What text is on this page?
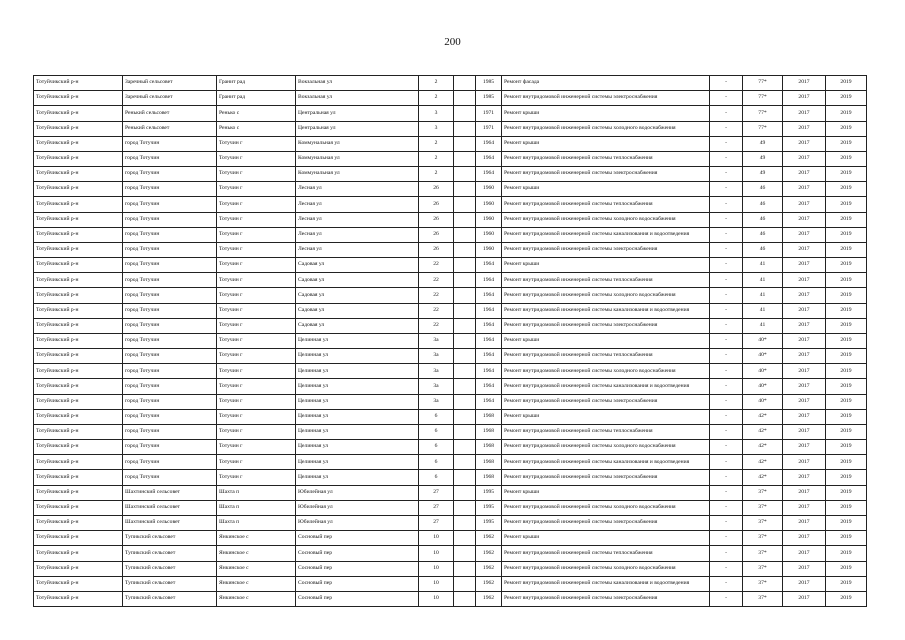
200
Тотуйчикский р-н	Заречный сельсовет	Гранит рад	Вокзальная ул	2		1985	Ремонт фасада	-	77*	2017	2019
Тотуйчикский р-н	Заречный сельсовет	Гранит рад	Вокзальная ул	2		1985	Ремонт внутридомовой инженерной системы электроснабжения	-	77*	2017	2019
Тотуйчикский р-н	Ренький сельсовет	Ренько с	Центральная ул	3		1971	Ремонт крыши	-	77*	2017	2019
Тотуйчикский р-н	Ренький сельсовет	Ренько с	Центральная ул	3		1971	Ремонт внутридомовой инженерной системы холодного водоснабжения	-	77*	2017	2019
Тотуйчикский р-н	город Тотучин	Тотучин г	Коммунальная ул	2		1964	Ремонт крыши	-	49	2017	2019
Тотуйчикский р-н	город Тотучин	Тотучин г	Коммунальная ул	2		1964	Ремонт внутридомовой инженерной системы теплоснабжения	-	49	2017	2019
Тотуйчикский р-н	город Тотучин	Тотучин г	Коммунальная ул	2		1964	Ремонт внутридомовой инженерной системы электроснабжения	-	49	2017	2019
Тотуйчикский р-н	город Тотучин	Тотучин г	Лесная ул	26		1960	Ремонт крыши	-	46	2017	2019
Тотуйчикский р-н	город Тотучин	Тотучин г	Лесная ул	26		1960	Ремонт внутридомовой инженерной системы теплоснабжения	-	46	2017	2019
Тотуйчикский р-н	город Тотучин	Тотучин г	Лесная ул	26		1960	Ремонт внутридомовой инженерной системы холодного водоснабжения	-	46	2017	2019
Тотуйчикский р-н	город Тотучин	Тотучин г	Лесная ул	26		1960	Ремонт внутридомовой инженерной системы канализования и водоотведения	-	46	2017	2019
Тотуйчикский р-н	город Тотучин	Тотучин г	Лесная ул	26		1960	Ремонт внутридомовой инженерной системы электроснабжения	-	46	2017	2019
Тотуйчикский р-н	город Тотучин	Тотучин г	Садовая ул	22		1964	Ремонт крыши	-	41	2017	2019
Тотуйчикский р-н	город Тотучин	Тотучин г	Садовая ул	22		1964	Ремонт внутридомовой инженерной системы теплоснабжения	-	41	2017	2019
Тотуйчикский р-н	город Тотучин	Тотучин г	Садовая ул	22		1964	Ремонт внутридомовой инженерной системы холодного водоснабжения	-	41	2017	2019
Тотуйчикский р-н	город Тотучин	Тотучин г	Садовая ул	22		1964	Ремонт внутридомовой инженерной системы канализования и водоотведения	-	41	2017	2019
Тотуйчикский р-н	город Тотучин	Тотучин г	Садовая ул	22		1964	Ремонт внутридомовой инженерной системы электроснабжения	-	41	2017	2019
Тотуйчикский р-н	город Тотучин	Тотучин г	Целинная ул	3а		1964	Ремонт крыши	-	40*	2017	2019
Тотуйчикский р-н	город Тотучин	Тотучин г	Целинная ул	3а		1964	Ремонт внутридомовой инженерной системы теплоснабжения	-	40*	2017	2019
Тотуйчикский р-н	город Тотучин	Тотучин г	Целинная ул	3а		1964	Ремонт внутридомовой инженерной системы холодного водоснабжения	-	40*	2017	2019
Тотуйчикский р-н	город Тотучин	Тотучин г	Целинная ул	3а		1964	Ремонт внутридомовой инженерной системы канализования и водоотведения	-	40*	2017	2019
Тотуйчикский р-н	город Тотучин	Тотучин г	Целинная ул	3а		1964	Ремонт внутридомовой инженерной системы электроснабжения	-	40*	2017	2019
Тотуйчикский р-н	город Тотучин	Тотучин г	Целинная ул	6		1968	Ремонт крыши	-	42*	2017	2019
Тотуйчикский р-н	город Тотучин	Тотучин г	Целинная ул	6		1968	Ремонт внутридомовой инженерной системы теплоснабжения	-	42*	2017	2019
Тотуйчикский р-н	город Тотучин	Тотучин г	Целинная ул	6		1968	Ремонт внутридомовой инженерной системы холодного водоснабжения	-	42*	2017	2019
Тотуйчикский р-н	город Тотучин	Тотучин г	Целинная ул	6		1968	Ремонт внутридомовой инженерной системы канализования и водоотведения	-	42*	2017	2019
Тотуйчикский р-н	город Тотучин	Тотучин г	Целинная ул	6		1968	Ремонт внутридомовой инженерной системы электроснабжения	-	42*	2017	2019
Тотуйчикский р-н	Шахтинский сельсовет	Шахта п	Юбилейная ул	27		1995	Ремонт крыши	-	37*	2017	2019
Тотуйчикский р-н	Шахтинский сельсовет	Шахта п	Юбилейная ул	27		1995	Ремонт внутридомовой инженерной системы холодного водоснабжения	-	37*	2017	2019
Тотуйчикский р-н	Шахтинский сельсовет	Шахта п	Юбилейная ул	27		1995	Ремонт внутридомовой инженерной системы электроснабжения	-	37*	2017	2019
Тотуйчикский р-н	Тупикский сельсовет	Янкинское с	Сосновый пер	10		1962	Ремонт крыши	-	37*	2017	2019
Тотуйчикский р-н	Тупикский сельсовет	Янкинское с	Сосновый пер	10		1962	Ремонт внутридомовой инженерной системы теплоснабжения	-	37*	2017	2019
Тотуйчикский р-н	Тупикский сельсовет	Янкинское с	Сосновый пер	10		1962	Ремонт внутридомовой инженерной системы холодного водоснабжения	-	37*	2017	2019
Тотуйчикский р-н	Тупикский сельсовет	Янкинское с	Сосновый пер	10		1962	Ремонт внутридомовой инженерной системы канализования и водоотведения	-	37*	2017	2019
Тотуйчикский р-н	Тупикский сельсовет	Янкинское с	Сосновый пер	10		1962	Ремонт внутридомовой инженерной системы электроснабжения	-	37*	2017	2019
